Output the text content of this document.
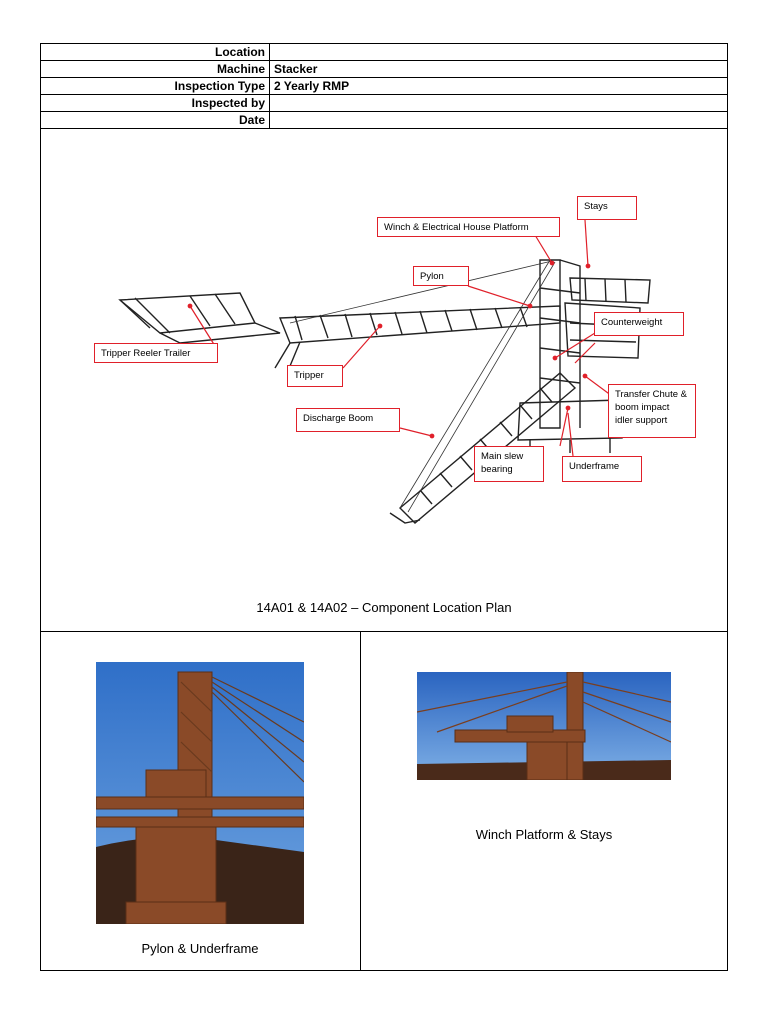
Location	
Machine	Stacker
Inspection Type	2 Yearly RMP
Inspected by	
Date	
Stays
Winch & Electrical House Platform
Pylon
Counterweight
Tripper Reeler Trailer
Tripper
Transfer Chute & boom impact idler support
Discharge Boom
Main slew bearing	Underframe
14A01 & 14A02 – Component Location Plan
Pylon & Underframe
Winch Platform & Stays
